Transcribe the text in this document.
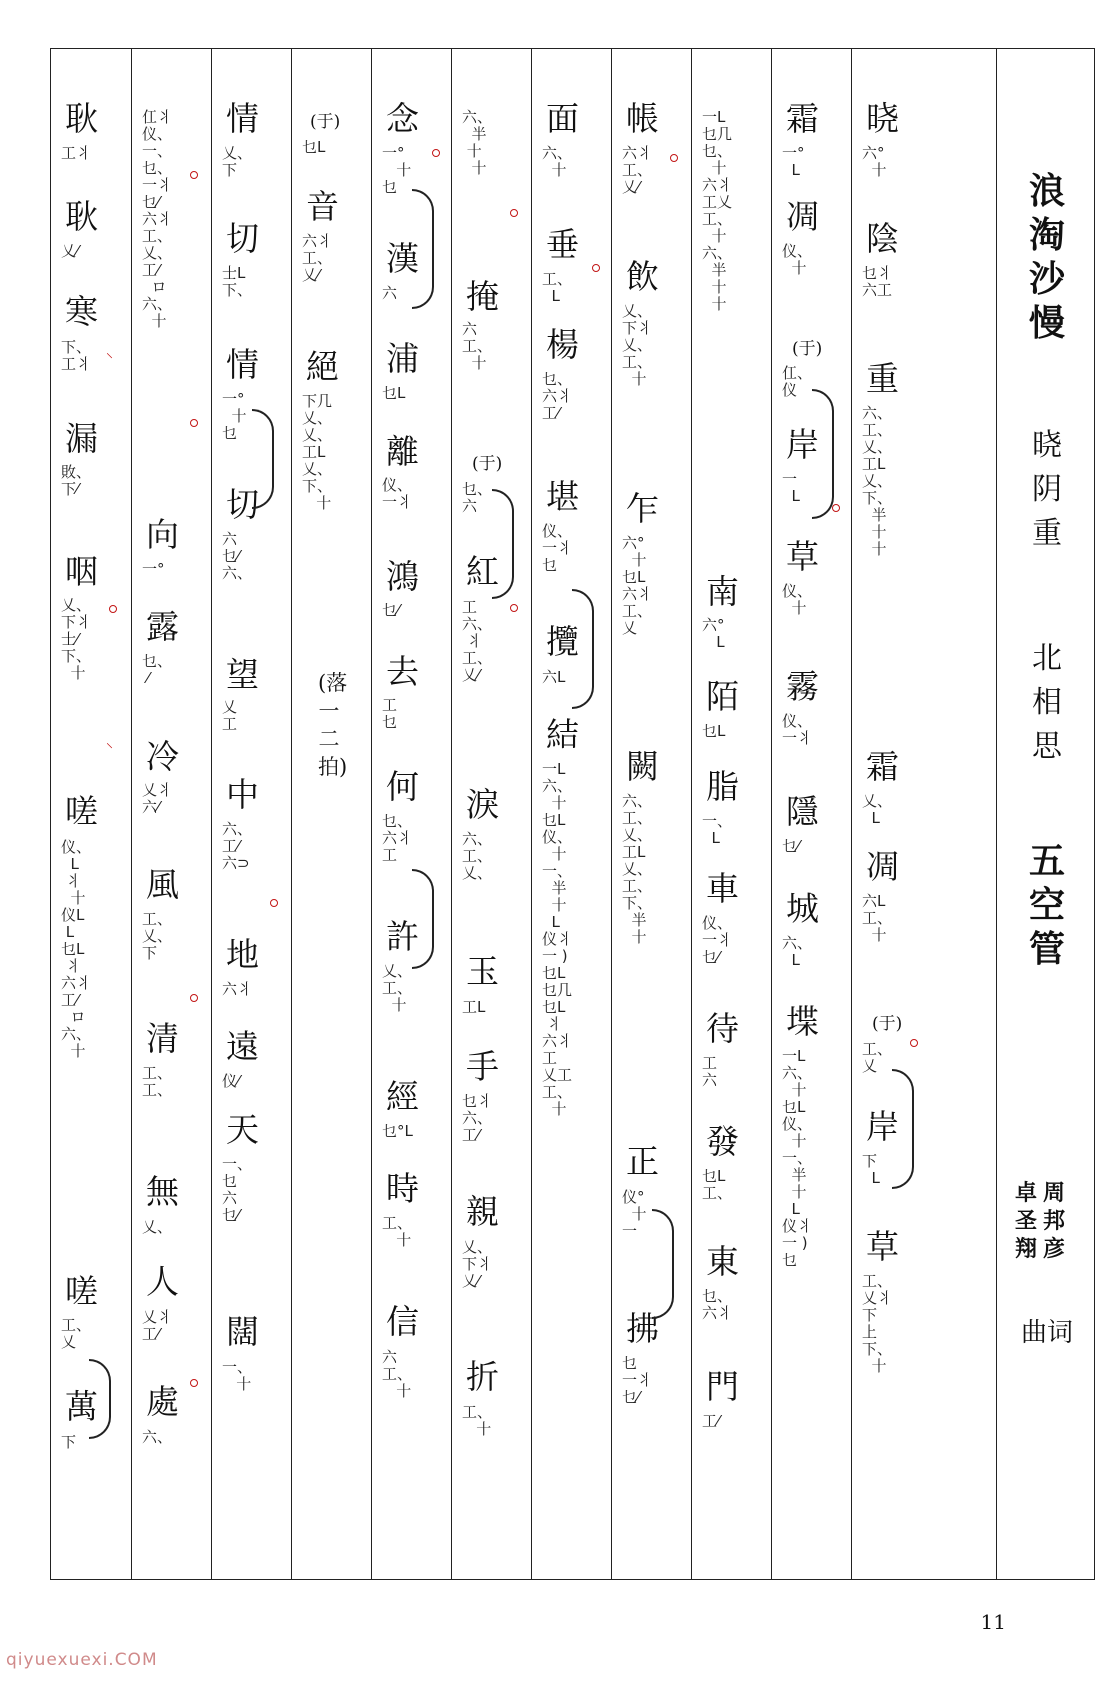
耿
工⺦
耿
乂⁄
寒
下、
工⺦
漏
敗、
下⁄
咽
乂、
下⺦
士⁄
下、
十
嗟
仪、
L
⺦
十
仪L
L
乜L
⺦
六⺦
工⁄
ロ
六、
十
嗟
工、
乂
萬
下
⸌
⸌
仜⺦
仪、
一、
乜、
一⺦
乜⁄
六⺦
工、
乂、
工⁄
ロ
六、
十
向
一°
露
乜、
⁄
冷
乂⺦
六⁄
風
工、
乂、
下
清
工、
工、
無
乂、
人
乂⺦
工⁄
處
六、
情
乂、
下
切
士L
下、
情
一°
十
乜
切
六
乜⁄
六、
望
乂
工
中
六、
工⁄
六⊃
地
六⺦
遠
仪⁄
天
一、
乜
六
乜⁄
闊
一、
十
(于)
乜L
音
六⺦
工、
乂⁄
絕
下几
乂、
乂、
工L
乂、
下、
十
(落一二拍)
念
一°
十
乜
漢
六
浦
乜L
離
仪、
一⺦
鴻
乜⁄
去
工
乜
何
乜、
六⺦
工
許
乂、
工、
十
經
乜°L
時
工、
十
信
六
工、
十
六、
半
十
十
掩
六
工、
十
(于)
乜、
六
紅
工
六、
⺦
工、
乂⁄
淚
六、
工、
乂、
玉
工L
手
乜⺦
六、
工⁄
親
乂、
下⺦
乂⁄
折
工、
十
面
六、
十
垂
工、
L
楊
乜、
六⺦
工⁄
堪
仪、
一⺦
乜
攬
六L
結
一L
六、
十
乜L
仪、
十
一、
半
十
L
仪⺦
一 )
乜L
乜几
乜L
⺦
六⺦
工
乂工
工、
十
帳
六⺦
工、
乂⁄
飲
乂、
下⺦
乂、
工、
十
乍
六°
十
乜L
六⺦
工、
乂
闕
六、
工、
乂、
工L
乂、
工、
下、
半
十
正
仪°
十
一
拂
乜
一⺦
乜⁄
一L
乜几
乜、
十
六⺦
工乂
工、
十
六、
半
十
十
南
六°
L
陌
乜L
脂
一、
L
車
仪、
一⺦
乜⁄
待
工
六
發
乜L
工、
東
乜、
六⺦
門
工⁄
霜
一°
L
凋
仪、
十
(于)
仜、
仪
岸
一
L
草
仪、
十
霧
仪、
一⺦
隱
乜⁄
城
六、
L
堞
一L
六、
十
乜L
仪、
十
一、
半
十
L
仪⺦
一 )
乜
晓
六°
十
陰
乜⺦
六工
重
六、
工、
乂、
工L
乂、
下、
半
十
十
霜
乂、
L
凋
六L
工、
十
(于)
工、
乂
岸
下
L
草
工、
乂⺦
下
上
下、
十
浪淘沙慢
晓阴重
北相思
五空管
卓圣翔
周邦彦
曲词
11
qiyuexuexi.COM
